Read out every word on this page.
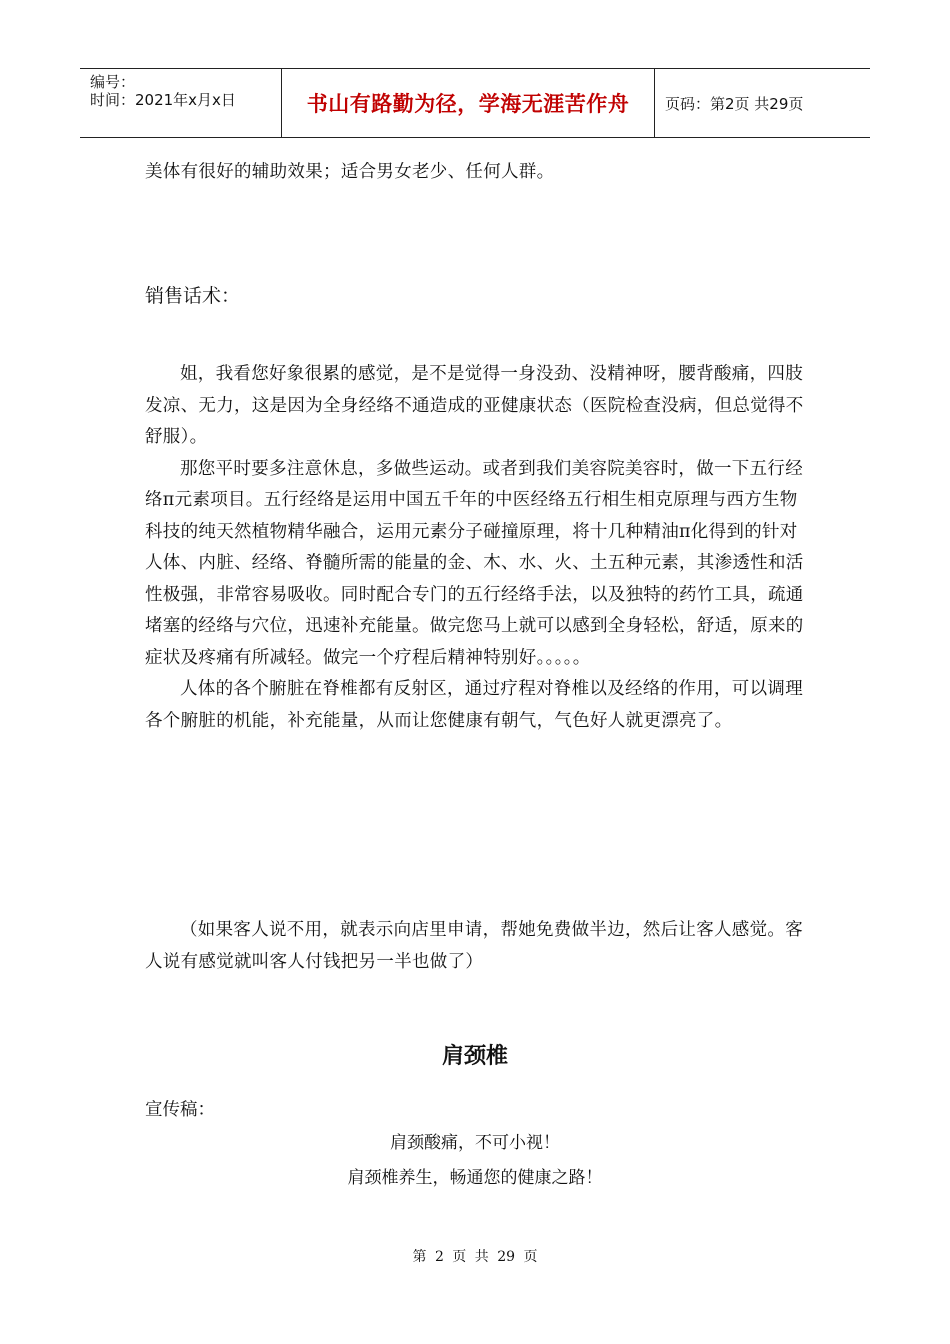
编号：
时间：2021年x月x日	书山有路勤为径，学海无涯苦作舟 页码：第2页 共29页

美体有很好的辅助效果；适合男女老少、任何人群。

销售话术：

姐，我看您好象很累的感觉，是不是觉得一身没劲、没精神呀，腰背酸痛，四肢发凉、无力，这是因为全身经络不通造成的亚健康状态（医院检查没病，但总觉得不舒服）。

那您平时要多注意休息，多做些运动。或者到我们美容院美容时，做一下五行经络π元素项目。五行经络是运用中国五千年的中医经络五行相生相克原理与西方生物科技的纯天然植物精华融合，运用元素分子碰撞原理，将十几种精油π化得到的针对人体、内脏、经络、脊髓所需的能量的金、木、水、火、土五种元素，其渗透性和活性极强，非常容易吸收。同时配合专门的五行经络手法，以及独特的药竹工具，疏通堵塞的经络与穴位，迅速补充能量。做完您马上就可以感到全身轻松，舒适，原来的症状及疼痛有所减轻。做完一个疗程后精神特别好。。。。。

人体的各个腑脏在脊椎都有反射区，通过疗程对脊椎以及经络的作用，可以调理各个腑脏的机能，补充能量，从而让您健康有朝气，气色好人就更漂亮了。

（如果客人说不用，就表示向店里申请，帮她免费做半边，然后让客人感觉。客人说有感觉就叫客人付钱把另一半也做了）

肩颈椎
宣传稿：
肩颈酸痛，不可小视！
肩颈椎养生，畅通您的健康之路！
第 2 页 共 29 页
